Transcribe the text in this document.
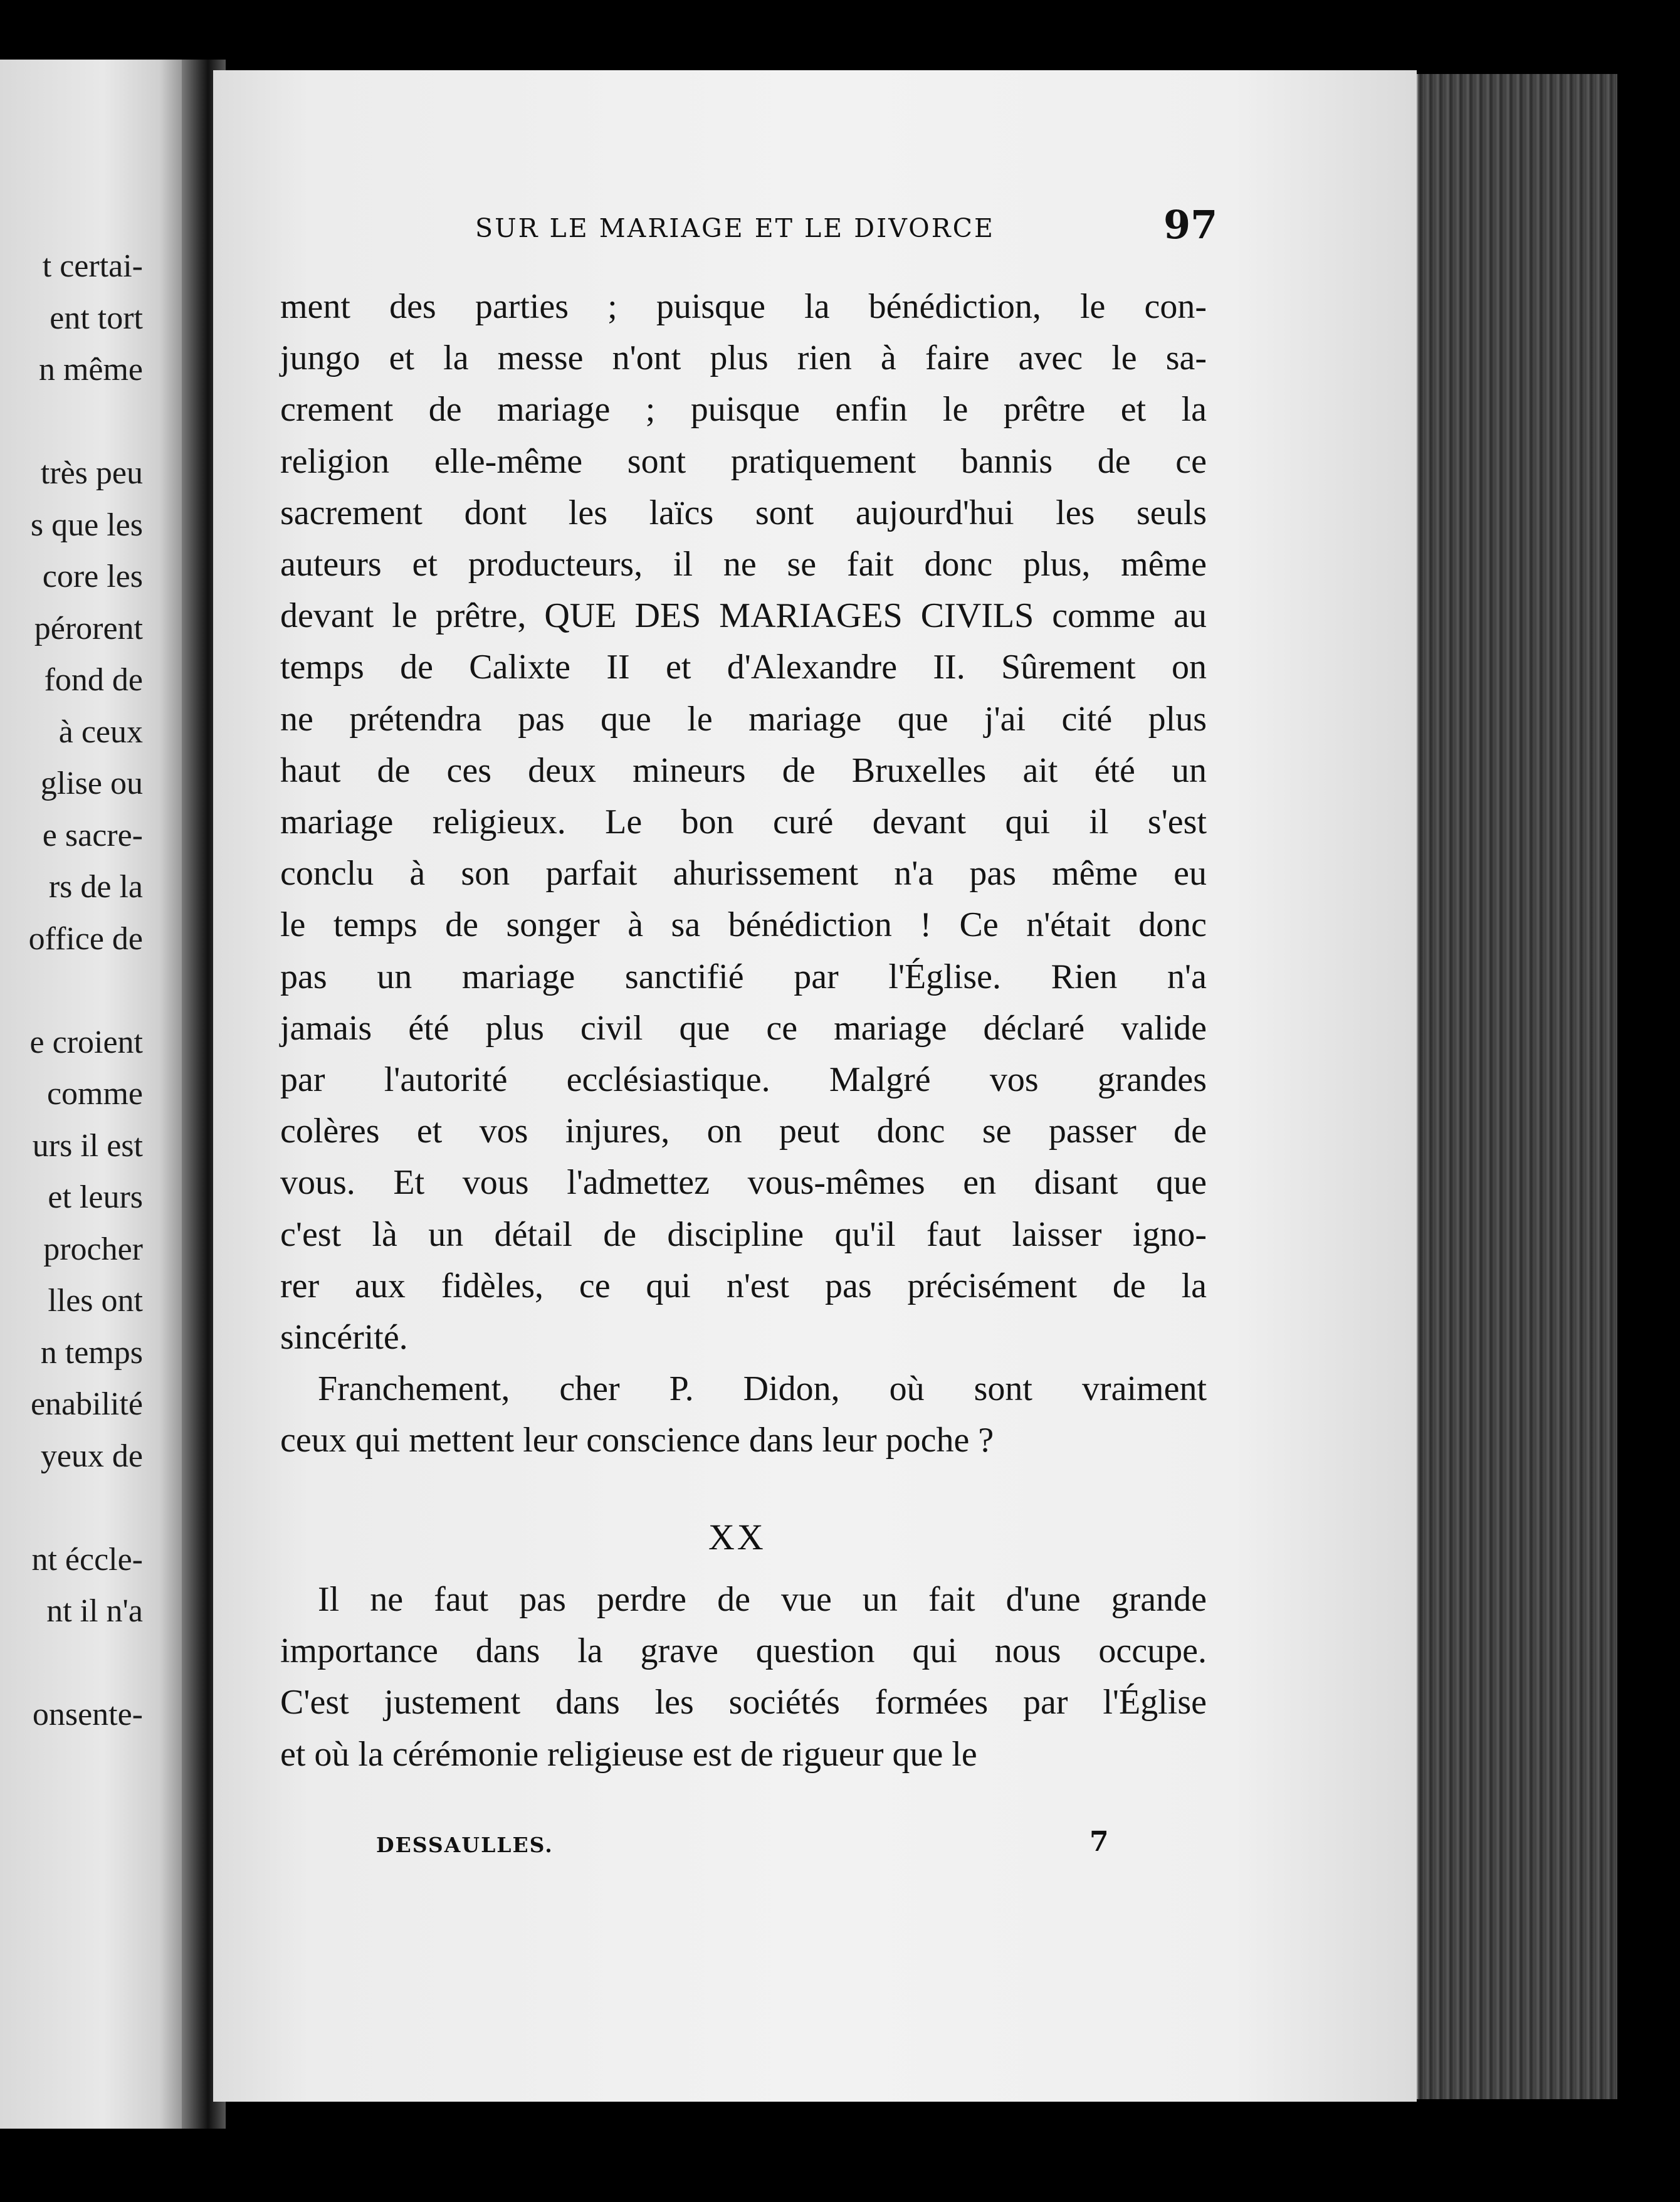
t certai-
ent tort
n même
très peu
s que les
core les
pérorent
fond de
à ceux
glise ou
e sacre-
rs de la
office de
e croient
comme
urs il est
et leurs
procher
lles ont
n temps
enabilité
yeux de
nt éccle-
nt il n'a
onsente-
SUR LE MARIAGE ET LE DIVORCE	97
ment des parties ; puisque la bénédiction, le con-
jungo et la messe n'ont plus rien à faire avec le sa-
crement de mariage ; puisque enfin le prêtre et la
religion elle-même sont pratiquement bannis de ce
sacrement dont les laïcs sont aujourd'hui les seuls
auteurs et producteurs, il ne se fait donc plus, même
devant le prêtre, QUE DES MARIAGES CIVILS comme au
temps de Calixte II et d'Alexandre II. Sûrement on
ne prétendra pas que le mariage que j'ai cité plus
haut de ces deux mineurs de Bruxelles ait été un
mariage religieux. Le bon curé devant qui il s'est
conclu à son parfait ahurissement n'a pas même eu
le temps de songer à sa bénédiction ! Ce n'était donc
pas un mariage sanctifié par l'Église. Rien n'a
jamais été plus civil que ce mariage déclaré valide
par l'autorité ecclésiastique. Malgré vos grandes
colères et vos injures, on peut donc se passer de
vous. Et vous l'admettez vous-mêmes en disant que
c'est là un détail de discipline qu'il faut laisser igno-
rer aux fidèles, ce qui n'est pas précisément de la
sincérité.
Franchement, cher P. Didon, où sont vraiment
ceux qui mettent leur conscience dans leur poche ?
Il ne faut pas perdre de vue un fait d'une grande
importance dans la grave question qui nous occupe.
C'est justement dans les sociétés formées par l'Église
et où la cérémonie religieuse est de rigueur que le
XX
DESSAULLES.	7
